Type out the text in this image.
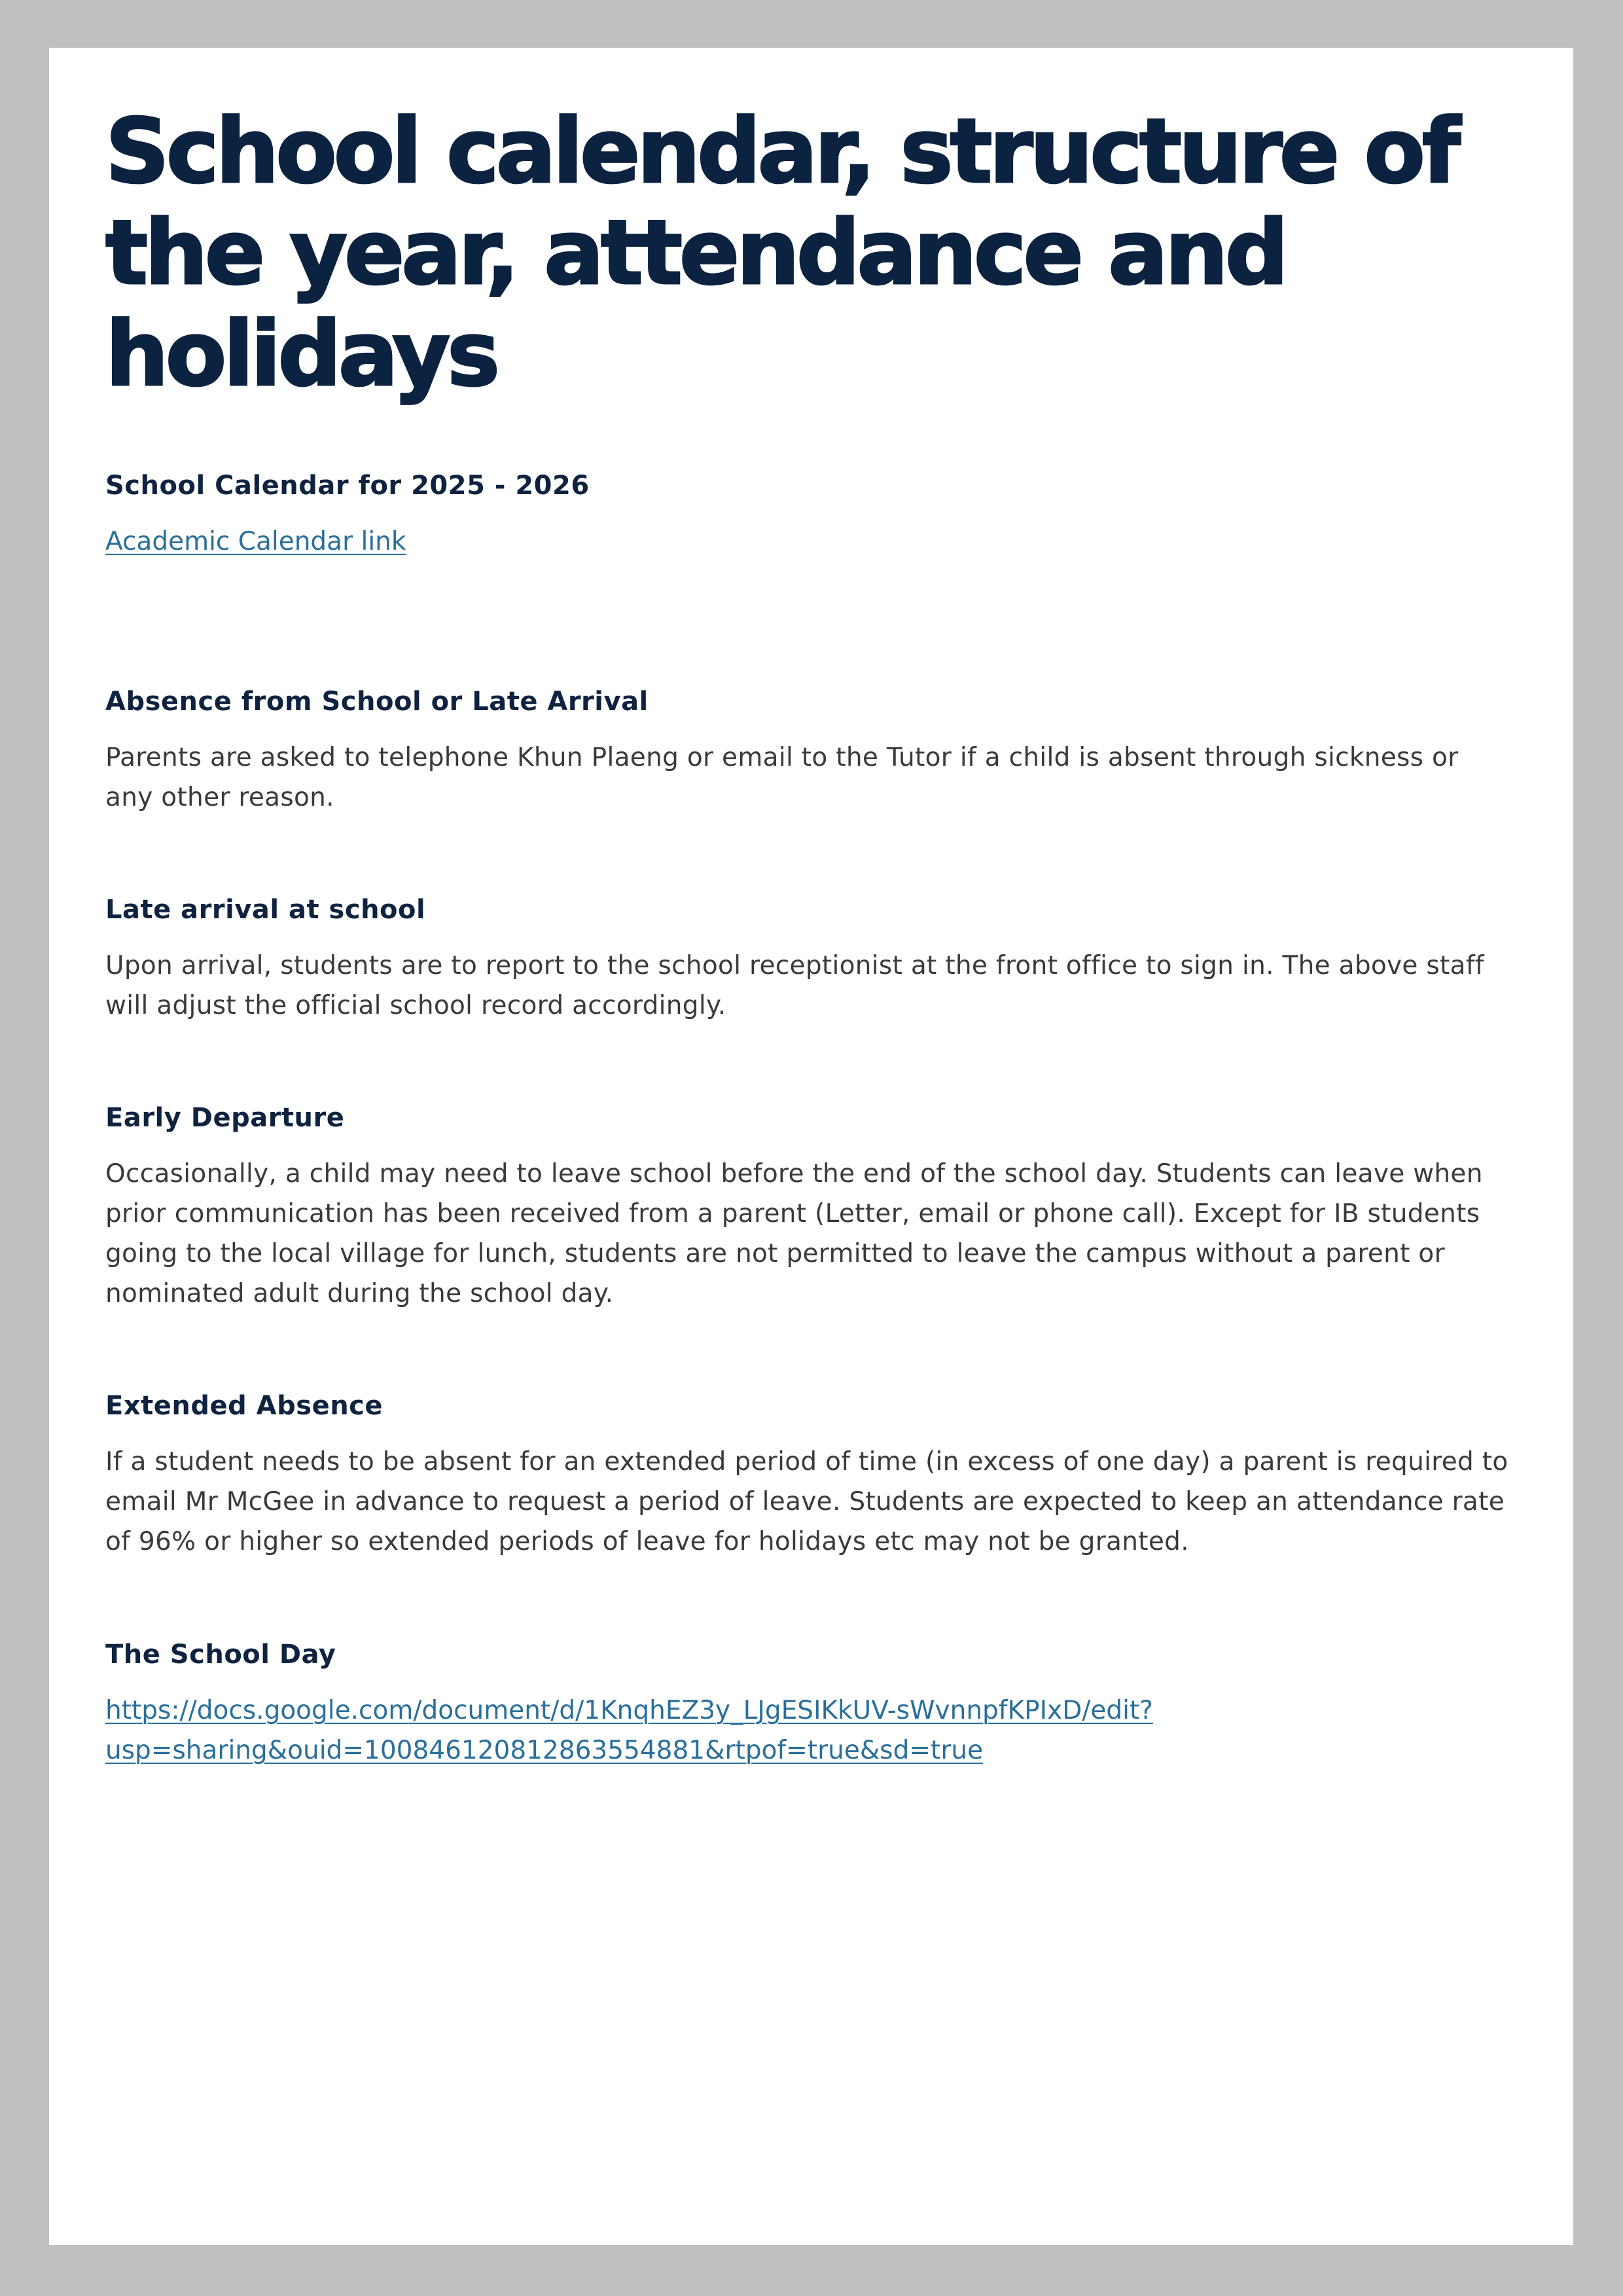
School calendar, structure of the year, attendance and holidays
School Calendar for 2025 - 2026
Academic Calendar link
Absence from School or Late Arrival

Parents are asked to telephone Khun Plaeng or email to the Tutor if a child is absent through sickness or any other reason.

Late arrival at school

Upon arrival, students are to report to the school receptionist at the front office to sign in. The above staff will adjust the official school record accordingly.

Early Departure

Occasionally, a child may need to leave school before the end of the school day. Students can leave when prior communication has been received from a parent (Letter, email or phone call). Except for IB students going to the local village for lunch, students are not permitted to leave the campus without a parent or nominated adult during the school day.

Extended Absence

If a student needs to be absent for an extended period of time (in excess of one day) a parent is required to email Mr McGee in advance to request a period of leave. Students are expected to keep an attendance rate of 96% or higher so extended periods of leave for holidays etc may not be granted.

The School Day
https://docs.google.com/document/d/1KnqhEZ3y_LJgESIKkUV-sWvnnpfKPIxD/edit?
usp=sharing&ouid=100846120812863554881&rtpof=true&sd=true
